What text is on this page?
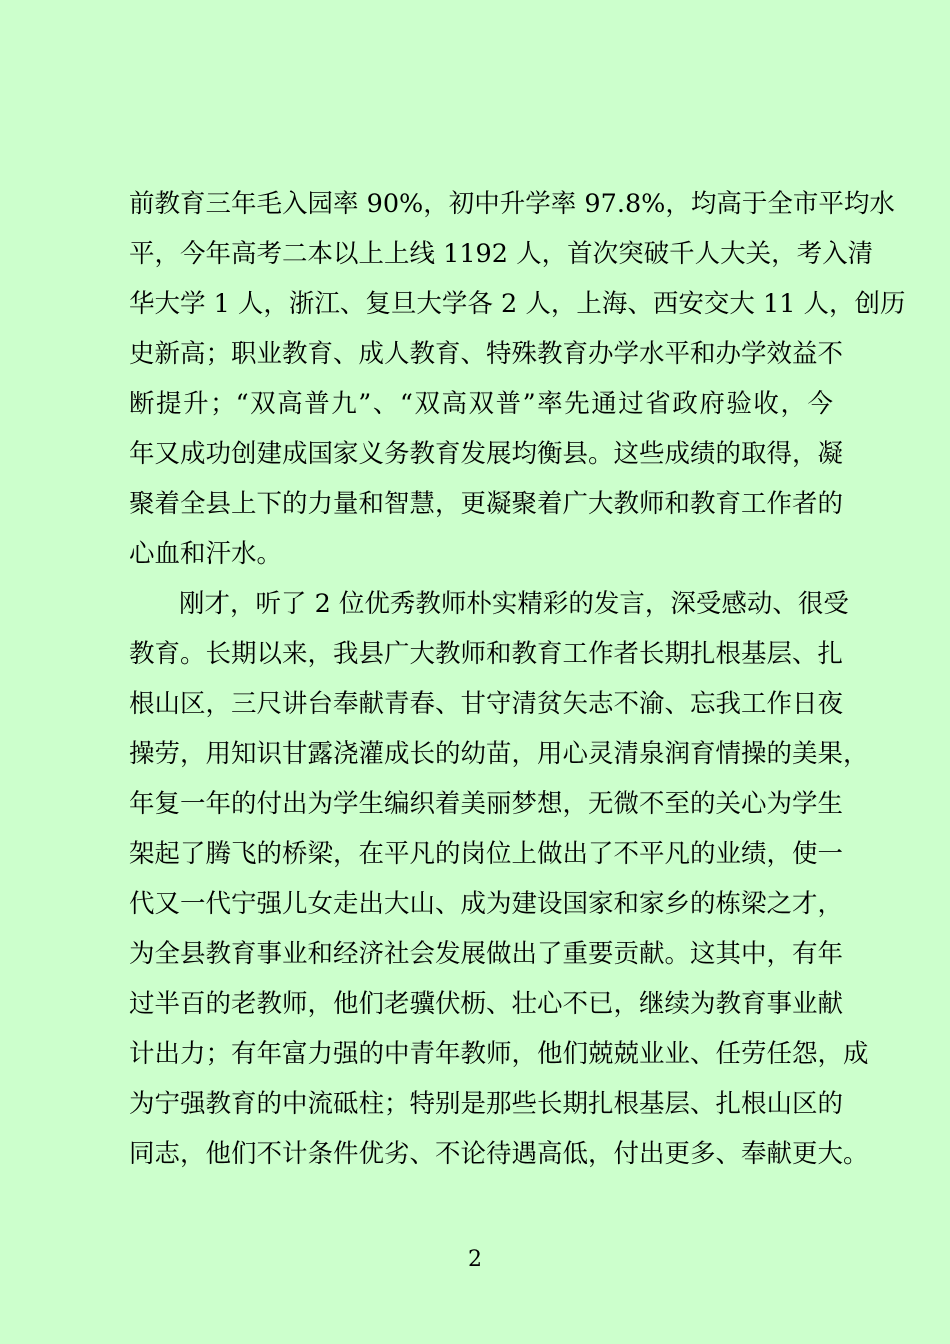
前教育三年毛入园率 90%，初中升学率 97.8%，均高于全市平均水
平，今年高考二本以上上线 1192 人，首次突破千人大关，考入清
华大学 1 人，浙江、复旦大学各 2 人，上海、西安交大 11 人，创历
史新高；职业教育、成人教育、特殊教育办学水平和办学效益不
断提升；“双高普九”、“双高双普”率先通过省政府验收，今
年又成功创建成国家义务教育发展均衡县。这些成绩的取得，凝
聚着全县上下的力量和智慧，更凝聚着广大教师和教育工作者的
心血和汗水。
刚才，听了 2 位优秀教师朴实精彩的发言，深受感动、很受
教育。长期以来，我县广大教师和教育工作者长期扎根基层、扎
根山区，三尺讲台奉献青春、甘守清贫矢志不渝、忘我工作日夜
操劳，用知识甘露浇灌成长的幼苗，用心灵清泉润育情操的美果，
年复一年的付出为学生编织着美丽梦想，无微不至的关心为学生
架起了腾飞的桥梁，在平凡的岗位上做出了不平凡的业绩，使一
代又一代宁强儿女走出大山、成为建设国家和家乡的栋梁之才，
为全县教育事业和经济社会发展做出了重要贡献。这其中，有年
过半百的老教师，他们老骥伏枥、壮心不已，继续为教育事业献
计出力；有年富力强的中青年教师，他们兢兢业业、任劳任怨，成
为宁强教育的中流砥柱；特别是那些长期扎根基层、扎根山区的
同志，他们不计条件优劣、不论待遇高低，付出更多、奉献更大。
2
